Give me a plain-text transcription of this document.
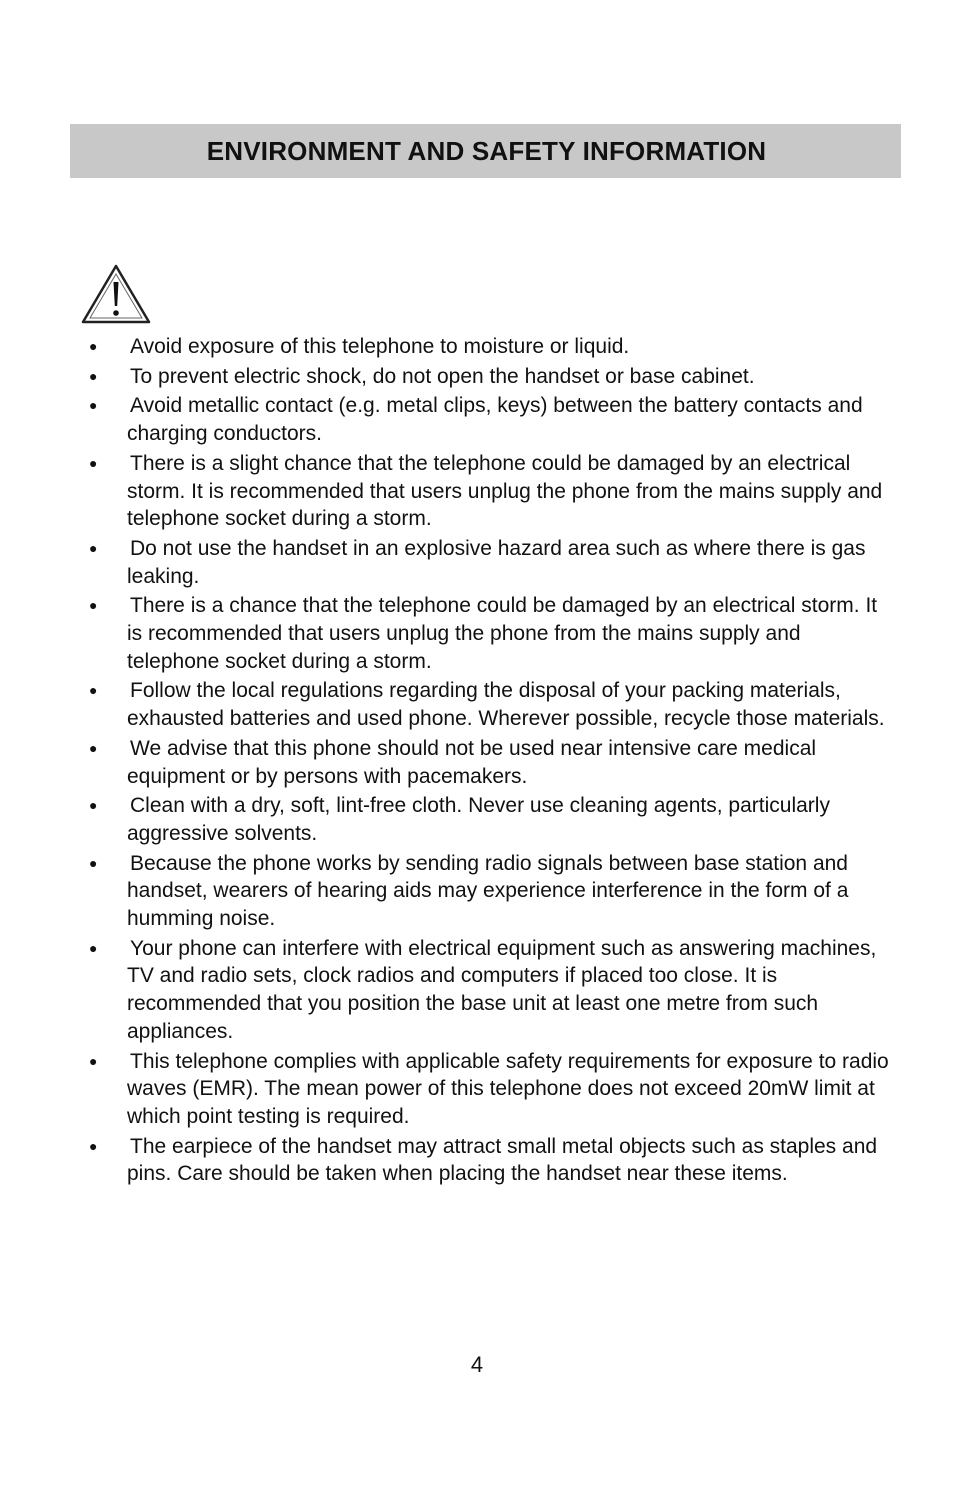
ENVIRONMENT AND SAFETY INFORMATION
● Avoid exposure of this telephone to moisture or liquid.
● To prevent electric shock, do not open the handset or base cabinet.
● Avoid metallic contact (e.g. metal clips, keys) between the battery contacts and charging conductors.
● There is a slight chance that the telephone could be damaged by an electrical storm. It is recommended that users unplug the phone from the mains supply and telephone socket during a storm.
● Do not use the handset in an explosive hazard area such as where there is gas leaking.
● There is a chance that the telephone could be damaged by an electrical storm. It is recommended that users unplug the phone from the mains supply and telephone socket during a storm.
● Follow the local regulations regarding the disposal of your packing materials, exhausted batteries and used phone. Wherever possible, recycle those materials.
● We advise that this phone should not be used near intensive care medical equipment or by persons with pacemakers.
● Clean with a dry, soft, lint-free cloth. Never use cleaning agents, particularly aggressive solvents.
● Because the phone works by sending radio signals between base station and handset, wearers of hearing aids may experience interference in the form of a humming noise.
● Your phone can interfere with electrical equipment such as answering machines, TV and radio sets, clock radios and computers if placed too close. It is recommended that you position the base unit at least one metre from such appliances.
● This telephone complies with applicable safety requirements for exposure to radio waves (EMR). The mean power of this telephone does not exceed 20mW limit at which point testing is required.
● The earpiece of the handset may attract small metal objects such as staples and pins. Care should be taken when placing the handset near these items.
4
